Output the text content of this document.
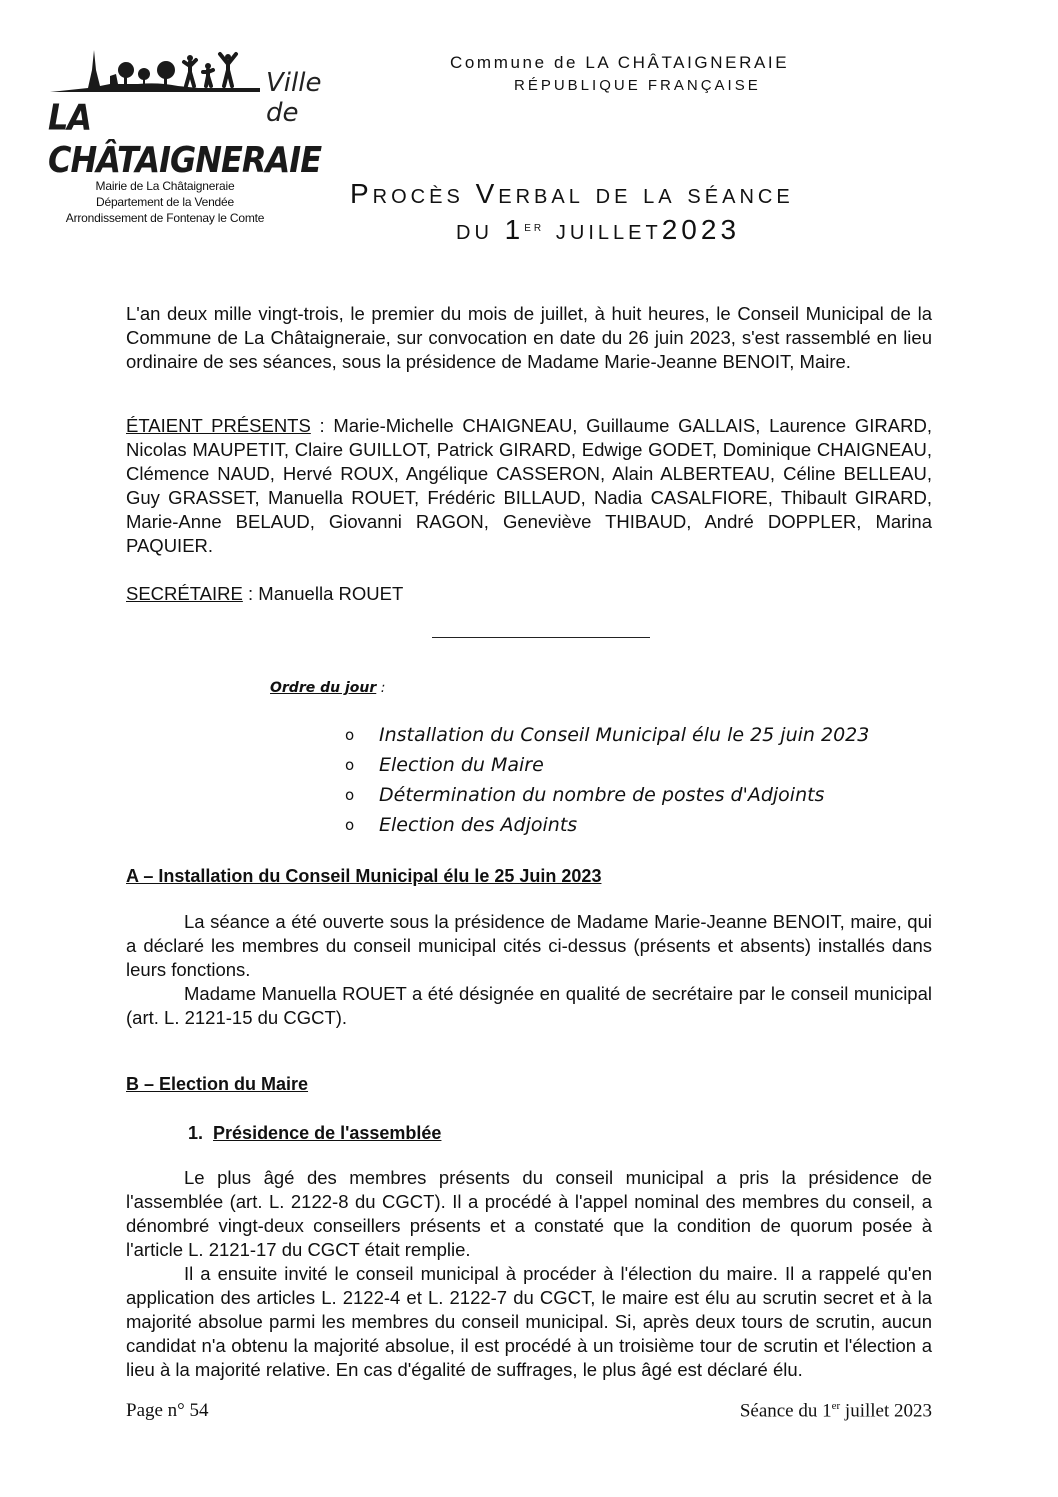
Ville de
LA CHÂTAIGNERAIE
Commune de LA CHÂTAIGNERAIE
RÉPUBLIQUE FRANÇAISE
Mairie de La Châtaigneraie
Département de la Vendée
Arrondissement de Fontenay le Comte
Procès Verbal de la séance
du 1er juillet2023
L'an deux mille vingt-trois, le premier du mois de juillet, à huit heures, le Conseil Municipal de la Commune de La Châtaigneraie, sur convocation en date du 26 juin 2023, s'est rassemblé en lieu ordinaire de ses séances, sous la présidence de Madame Marie-Jeanne BENOIT, Maire.
ÉTAIENT PRÉSENTS : Marie-Michelle CHAIGNEAU, Guillaume GALLAIS, Laurence GIRARD, Nicolas MAUPETIT, Claire GUILLOT, Patrick GIRARD, Edwige GODET, Dominique CHAIGNEAU, Clémence NAUD, Hervé ROUX, Angélique CASSERON, Alain ALBERTEAU, Céline BELLEAU, Guy GRASSET, Manuella ROUET, Frédéric BILLAUD, Nadia CASALFIORE, Thibault GIRARD, Marie-Anne BELAUD, Giovanni RAGON, Geneviève THIBAUD, André DOPPLER, Marina PAQUIER.
SECRÉTAIRE : Manuella ROUET
Ordre du jour :
o	Installation du Conseil Municipal élu le 25 juin 2023
o	Election du Maire
o	Détermination du nombre de postes d'Adjoints
o	Election des Adjoints
A – Installation du Conseil Municipal élu le 25 Juin 2023
La séance a été ouverte sous la présidence de Madame Marie-Jeanne BENOIT, maire, qui a déclaré les membres du conseil municipal cités ci-dessus (présents et absents) installés dans leurs fonctions.
Madame Manuella ROUET a été désignée en qualité de secrétaire par le conseil municipal (art. L. 2121-15 du CGCT).
B – Election du Maire
1. Présidence de l'assemblée
Le plus âgé des membres présents du conseil municipal a pris la présidence de l'assemblée (art. L. 2122-8 du CGCT). Il a procédé à l'appel nominal des membres du conseil, a dénombré vingt-deux conseillers présents et a constaté que la condition de quorum posée à l'article L. 2121-17 du CGCT était remplie.
Il a ensuite invité le conseil municipal à procéder à l'élection du maire. Il a rappelé qu'en application des articles L. 2122-4 et L. 2122-7 du CGCT, le maire est élu au scrutin secret et à la majorité absolue parmi les membres du conseil municipal. Si, après deux tours de scrutin, aucun candidat n'a obtenu la majorité absolue, il est procédé à un troisième tour de scrutin et l'élection a lieu à la majorité relative. En cas d'égalité de suffrages, le plus âgé est déclaré élu.
Page n° 54	Séance du 1er juillet 2023
